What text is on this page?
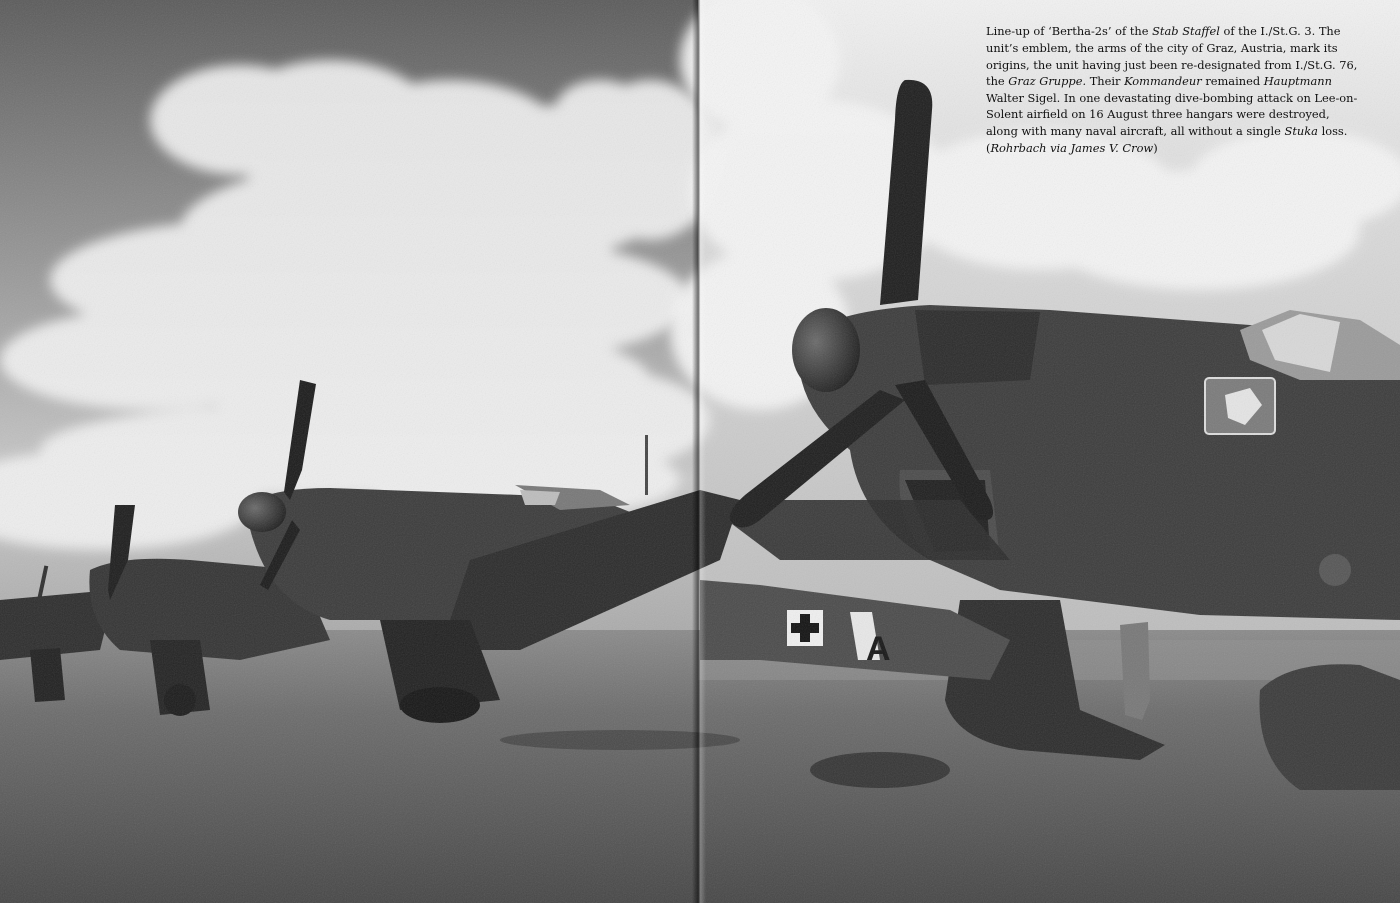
Line-up of ‘Bertha-2s’ of the Stab Staffel of the I./St.G. 3. The unit’s emblem, the arms of the city of Graz, Austria, mark its origins, the unit having just been re-designated from I./St.G. 76, the Graz Gruppe. Their Kommandeur remained Hauptmann Walter Sigel. In one devastating dive-bombing attack on Lee-on-Solent airfield on 16 August three hangars were destroyed, along with many naval aircraft, all without a single Stuka loss. (Rohrbach via James V. Crow)
